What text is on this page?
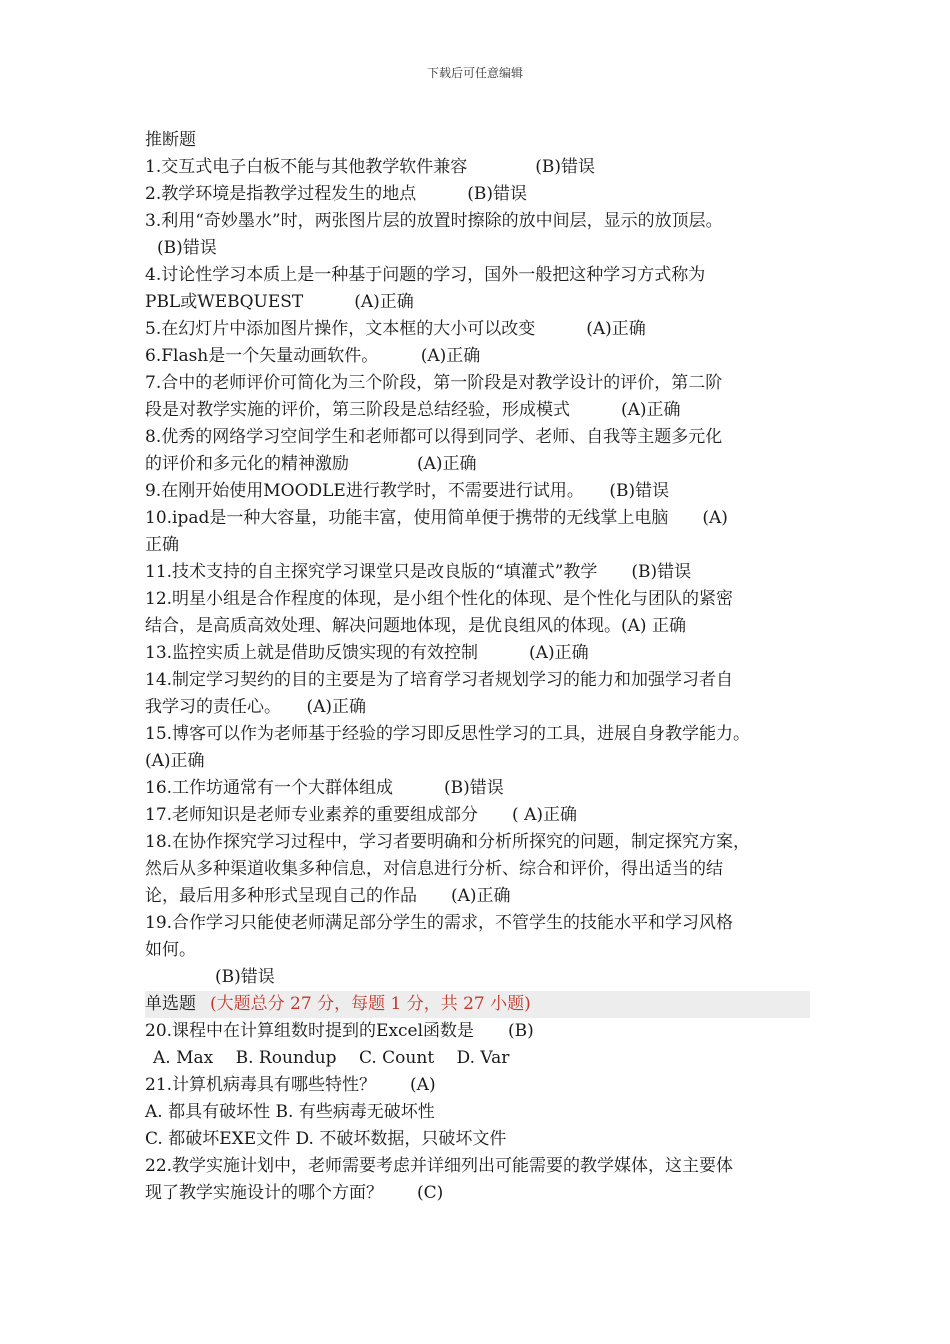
下载后可任意编辑
推断题
1.交互式电子白板不能与其他教学软件兼容　　　　(B)错误
2.教学环境是指教学过程发生的地点　　　(B)错误
3.利用“奇妙墨水”时，两张图片层的放置时擦除的放中间层，显示的放顶层。
(B)错误
4.讨论性学习本质上是一种基于问题的学习，国外一般把这种学习方式称为
PBL或WEBQUEST　　　(A)正确
5.在幻灯片中添加图片操作，文本框的大小可以改变　　　(A)正确
6.Flash是一个矢量动画软件。　　　(A)正确
7.合中的老师评价可简化为三个阶段，第一阶段是对教学设计的评价，第二阶
段是对教学实施的评价，第三阶段是总结经验，形成模式　　　(A)正确
8.优秀的网络学习空间学生和老师都可以得到同学、老师、自我等主题多元化
的评价和多元化的精神激励　　　　(A)正确
9.在刚开始使用MOODLE进行教学时，不需要进行试用。　　(B)错误
10.ipad是一种大容量，功能丰富，使用简单便于携带的无线掌上电脑　　(A)
正确
11.技术支持的自主探究学习课堂只是改良版的“填灌式”教学　　(B)错误
12.明星小组是合作程度的体现，是小组个性化的体现、是个性化与团队的紧密
结合，是高质高效处理、解决问题地体现，是优良组风的体现。(A) 正确
13.监控实质上就是借助反馈实现的有效控制　　　(A)正确
14.制定学习契约的目的主要是为了培育学习者规划学习的能力和加强学习者自
我学习的责任心。　　(A)正确
15.博客可以作为老师基于经验的学习即反思性学习的工具，进展自身教学能力。
(A)正确
16.工作坊通常有一个大群体组成　　　(B)错误
17.老师知识是老师专业素养的重要组成部分　　( A)正确
18.在协作探究学习过程中，学习者要明确和分析所探究的问题，制定探究方案，
然后从多种渠道收集多种信息，对信息进行分析、综合和评价，得出适当的结
论，最后用多种形式呈现自己的作品　　(A)正确
19.合作学习只能使老师满足部分学生的需求，不管学生的技能水平和学习风格
如何。
(B)错误
单选题 (大题总分 27 分，每题 1 分，共 27 小题)
20.课程中在计算组数时提到的Excel函数是　　(B)
A. Max　 B. Roundup　 C. Count　 D. Var
21.计算机病毒具有哪些特性？　　(A)
A. 都具有破坏性 B. 有些病毒无破坏性
C. 都破坏EXE文件 D. 不破坏数据，只破坏文件
22.教学实施计划中，老师需要考虑并详细列出可能需要的教学媒体，这主要体
现了教学实施设计的哪个方面？　　(C)
